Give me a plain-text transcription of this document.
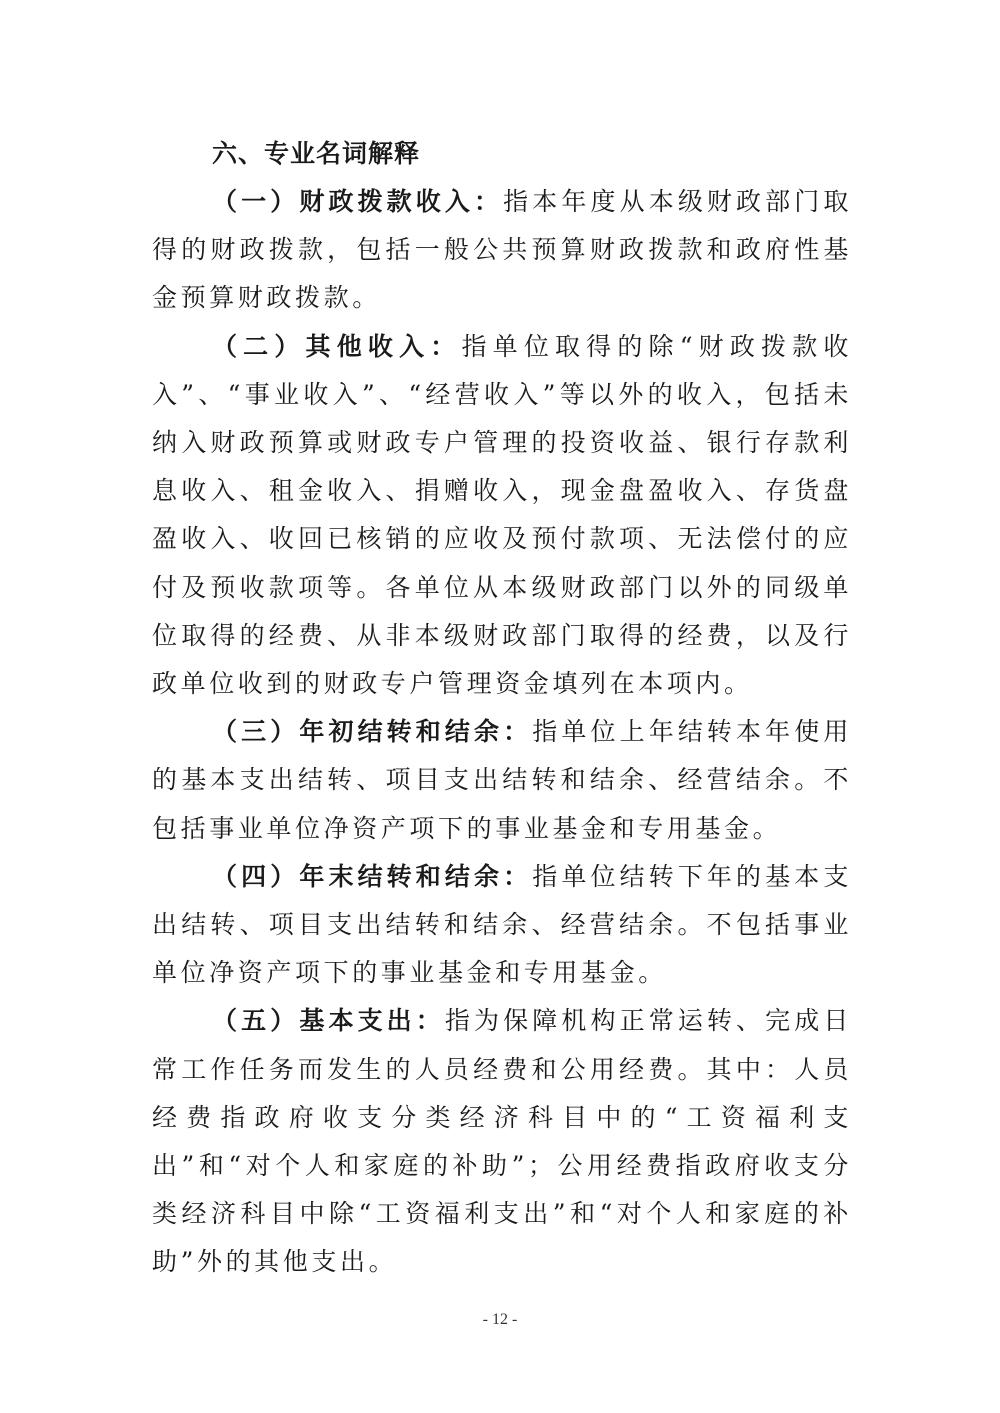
六、专业名词解释

（一）财政拨款收入：指本年度从本级财政部门取得的财政拨款，包括一般公共预算财政拨款和政府性基金预算财政拨款。

（二）其他收入：指单位取得的除“财政拨款收入”、“事业收入”、“经营收入”等以外的收入，包括未纳入财政预算或财政专户管理的投资收益、银行存款利息收入、租金收入、捐赠收入，现金盘盈收入、存货盘盈收入、收回已核销的应收及预付款项、无法偿付的应付及预收款项等。各单位从本级财政部门以外的同级单位取得的经费、从非本级财政部门取得的经费，以及行政单位收到的财政专户管理资金填列在本项内。

（三）年初结转和结余：指单位上年结转本年使用的基本支出结转、项目支出结转和结余、经营结余。不包括事业单位净资产项下的事业基金和专用基金。

（四）年末结转和结余：指单位结转下年的基本支出结转、项目支出结转和结余、经营结余。不包括事业单位净资产项下的事业基金和专用基金。

（五）基本支出：指为保障机构正常运转、完成日常工作任务而发生的人员经费和公用经费。其中：人员经费指政府收支分类经济科目中的“工资福利支出”和“对个人和家庭的补助”；公用经费指政府收支分类经济科目中除“工资福利支出”和“对个人和家庭的补助”外的其他支出。

- 12 -
